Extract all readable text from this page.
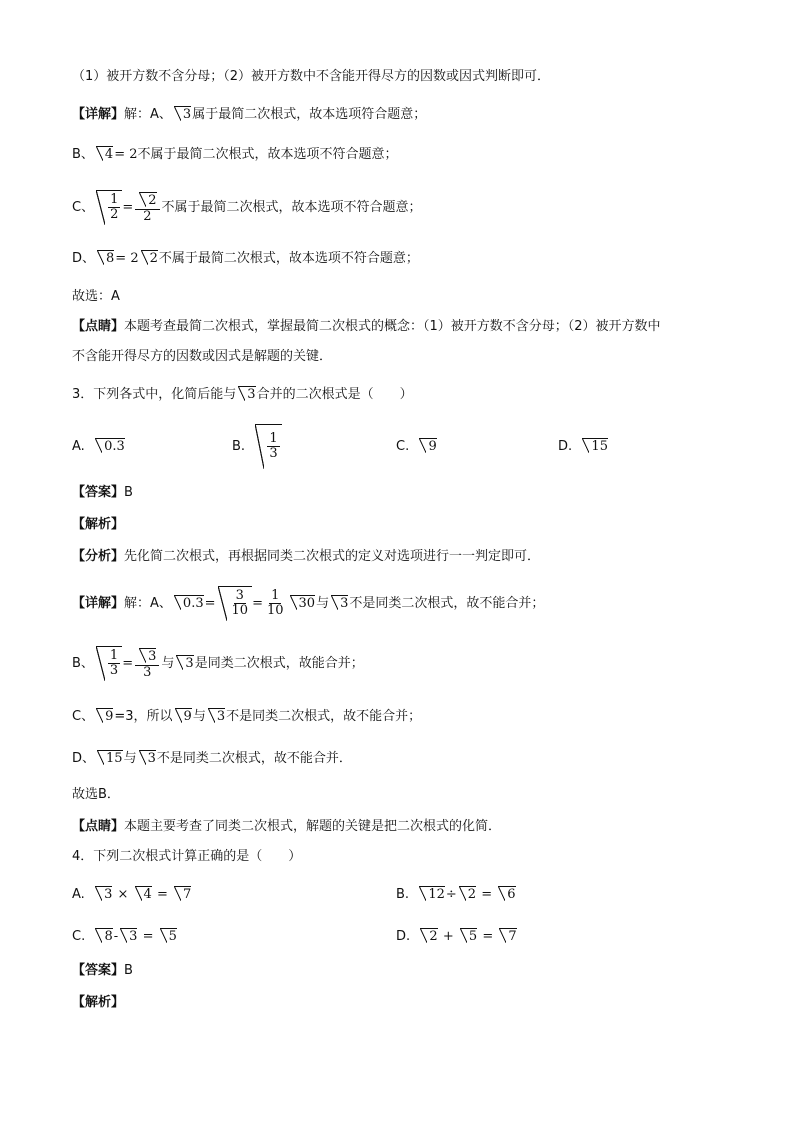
（1）被开方数不含分母；（2）被开方数中不含能开得尽方的因数或因式判断即可．
【详解】解：A、 3属于最简二次根式，故本选项符合题意；
B、 4= 2不属于最简二次根式，故本选项不符合题意；
C、 $\frac{1}{2} = \frac{2}{2}$ 不属于最简二次根式，故本选项不符合题意；
D、 8= 2 2不属于最简二次根式，故本选项不符合题意；
故选：A
【点睛】本题考查最简二次根式，掌握最简二次根式的概念：（1）被开方数不含分母；（2）被开方数中
不含能开得尽方的因数或因式是解题的关键．
3．下列各式中，化简后能与 3合并的二次根式是（　　）
A. 0.3	B. $\frac{1}{3}$	C. 9	D. 15
【答案】B
【解析】
【分析】先化简二次根式，再根据同类二次根式的定义对选项进行一一判定即可．
【详解】解：A、 $0.3= \frac{3}{10} = \frac{1}{10} 30$与 3不是同类二次根式，故不能合并；
B、 $\frac{1}{3} = \frac{3}{3}$ 与 3是同类二次根式，故能合并；
C、 9=3，所以 9与 3不是同类二次根式，故不能合并；
D、 15与 3不是同类二次根式，故不能合并．
故选B．
【点睛】本题主要考查了同类二次根式，解题的关键是把二次根式的化简．
4．下列二次根式计算正确的是（　　）
A. 3 × 4 = 7	B. 12÷ 2 = 6
C. 8- 3 = 5	D. 2 + 5 = 7
【答案】B
【解析】
